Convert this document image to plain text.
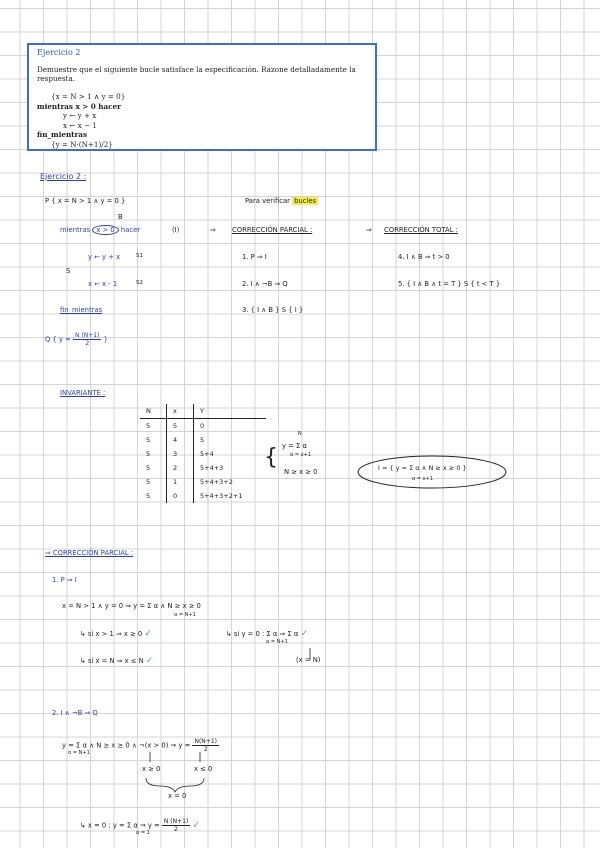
Ejercicio 2
Demuestre que el siguiente bucle satisface la especificación. Razone detalladamente la respuesta.
{x = N > 1 ∧ y = 0}
mientras x > 0 hacer
y ← y + x
x ← x − 1
fin_mientras
{y = N·(N+1)/2}
Ejercicio 2 :
P { x = N > 1 ∧ y = 0 }	Para verificar bucles
B
mientras x > 0 hacer	(I)	⇒ CORRECCIÓN PARCIAL :	⇒ CORRECCIÓN TOTAL :
y ← y + x	S1
S
x ← x - 1	S2
1. P ⇒ I
2. I ∧ ¬B ⇒ Q
3. { I ∧ B } S { I }
4. I ∧ B ⇒ t > 0
5. { I ∧ B ∧ t = T } S { t < T }
fin_mientras
Q { $y = \frac{N (N+1)}{2}$ }
INVARIANTE :
N	x	Y
5	5	0
5	4	5
5	3	5+4
5	2	5+4+3
5	1	5+4+3+2
5	0	5+4+3+2+1
{
N
y = Σ α
α = x+1
N ≥ x ≥ 0	I = { y = Σ α ∧ N ≥ x ≥ 0 }
α = x+1
⇒ CORRECCIÓN PARCIAL :
1. P ⇒ I
x = N > 1 ∧ y = 0 ⇒ y = Σ α ∧ N ≥ x ≥ 0
α = N+1
↳ si x > 1 ⇒ x ≥ 0 ✓	↳ si y = 0 : Σ α ⇒ Σ α ✓
α = N+1
↳ si x = N ⇒ x ≤ N ✓	(x = N)
2. I ∧ ¬B ⇒ Q
y = Σ α ∧ N ≥ x ≥ 0 ∧ ¬(x > 0) ⇒ $y = \frac{N(N+1)}{2}$
α = N+1
x ≥ 0	x ≤ 0
x = 0
↳ x = 0 : y = Σ α ⇒ $y = \frac{N (N+1)}{2}$ ✓
α = 1
